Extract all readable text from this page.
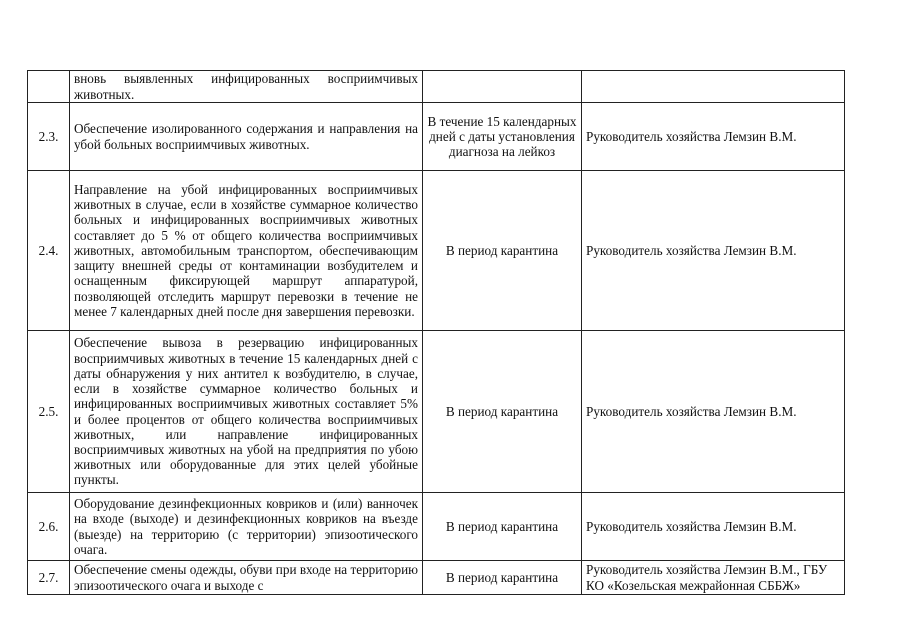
	вновь выявленных инфицированных восприимчивых животных.		
2.3.	Обеспечение изолированного содержания и направления на убой больных восприимчивых животных.	В течение 15 календарных дней с даты установления диагноза на лейкоз	Руководитель хозяйства Лемзин В.М.
2.4.	Направление на убой инфицированных восприимчивых животных в случае, если в хозяйстве суммарное количество больных и инфицированных восприимчивых животных составляет до 5 % от общего количества восприимчивых животных, автомобильным транспортом, обеспечивающим защиту внешней среды от контаминации возбудителем и оснащенным фиксирующей маршрут аппаратурой, позволяющей отследить маршрут перевозки в течение не менее 7 календарных дней после дня завершения перевозки.	В период карантина	Руководитель хозяйства Лемзин В.М.
2.5.	Обеспечение вывоза в резервацию инфицированных восприимчивых животных в течение 15 календарных дней с даты обнаружения у них антител к возбудителю, в случае, если в хозяйстве суммарное количество больных и инфицированных восприимчивых животных составляет 5% и более процентов от общего количества восприимчивых животных, или направление инфицированных восприимчивых животных на убой на предприятия по убою животных или оборудованные для этих целей убойные пункты.	В период карантина	Руководитель хозяйства Лемзин В.М.
2.6.	Оборудование дезинфекционных ковриков и (или) ванночек на входе (выходе) и дезинфекционных ковриков на въезде (выезде) на территорию (с территории) эпизоотического очага.	В период карантина	Руководитель хозяйства Лемзин В.М.
2.7.	Обеспечение смены одежды, обуви при входе на территорию эпизоотического очага и выходе с	В период карантина	Руководитель хозяйства Лемзин В.М., ГБУ КО «Козельская межрайонная СББЖ»
